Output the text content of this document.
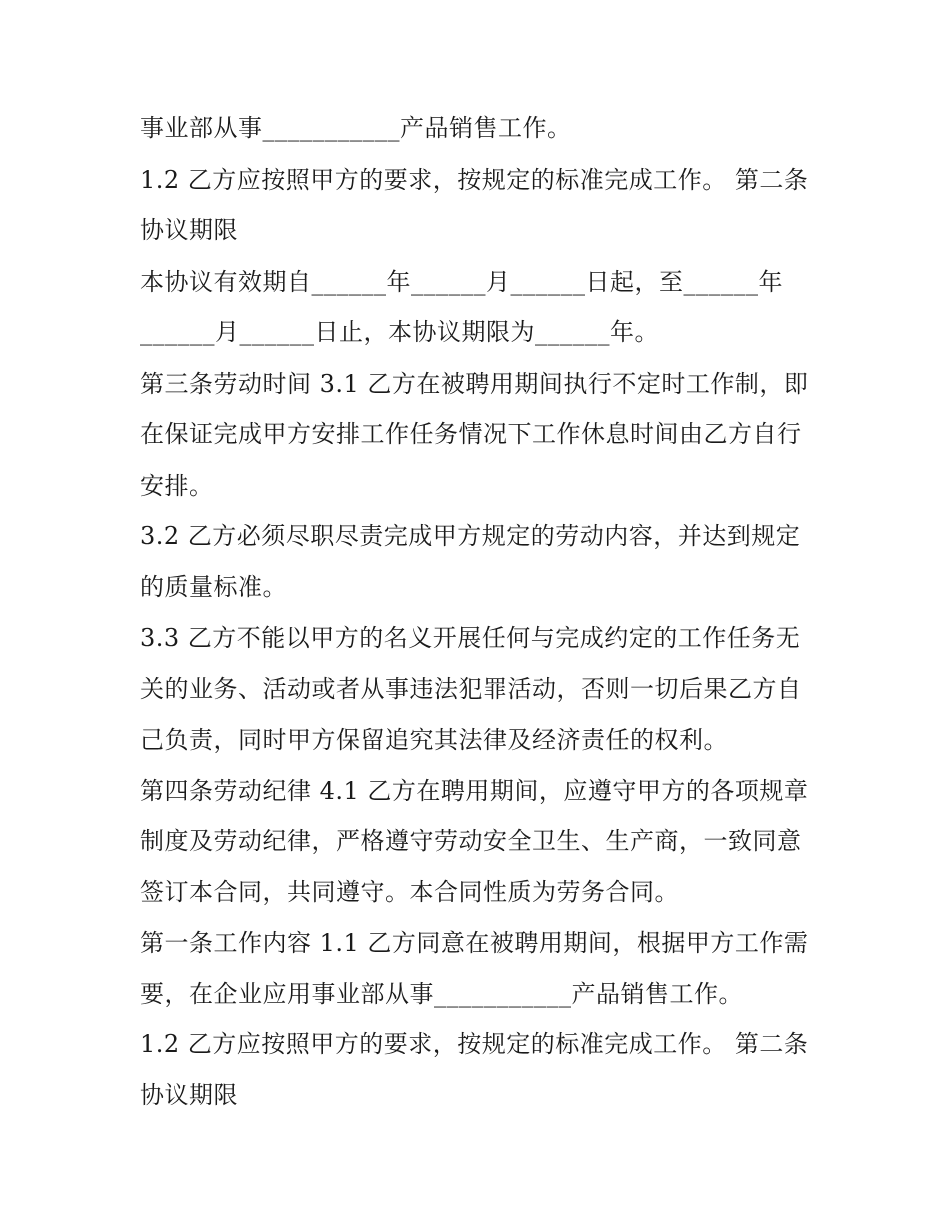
事业部从事___________产品销售工作。
1.2 乙方应按照甲方的要求，按规定的标准完成工作。 第二条
协议期限
本协议有效期自______年______月______日起，至______年
______月______日止，本协议期限为______年。
第三条劳动时间 3.1 乙方在被聘用期间执行不定时工作制，即
在保证完成甲方安排工作任务情况下工作休息时间由乙方自行
安排。
3.2 乙方必须尽职尽责完成甲方规定的劳动内容，并达到规定
的质量标准。
3.3 乙方不能以甲方的名义开展任何与完成约定的工作任务无
关的业务、活动或者从事违法犯罪活动，否则一切后果乙方自
己负责，同时甲方保留追究其法律及经济责任的权利。
第四条劳动纪律 4.1 乙方在聘用期间，应遵守甲方的各项规章
制度及劳动纪律，严格遵守劳动安全卫生、生产商，一致同意
签订本合同，共同遵守。本合同性质为劳务合同。
第一条工作内容 1.1 乙方同意在被聘用期间，根据甲方工作需
要，在企业应用事业部从事___________产品销售工作。
1.2 乙方应按照甲方的要求，按规定的标准完成工作。 第二条
协议期限
